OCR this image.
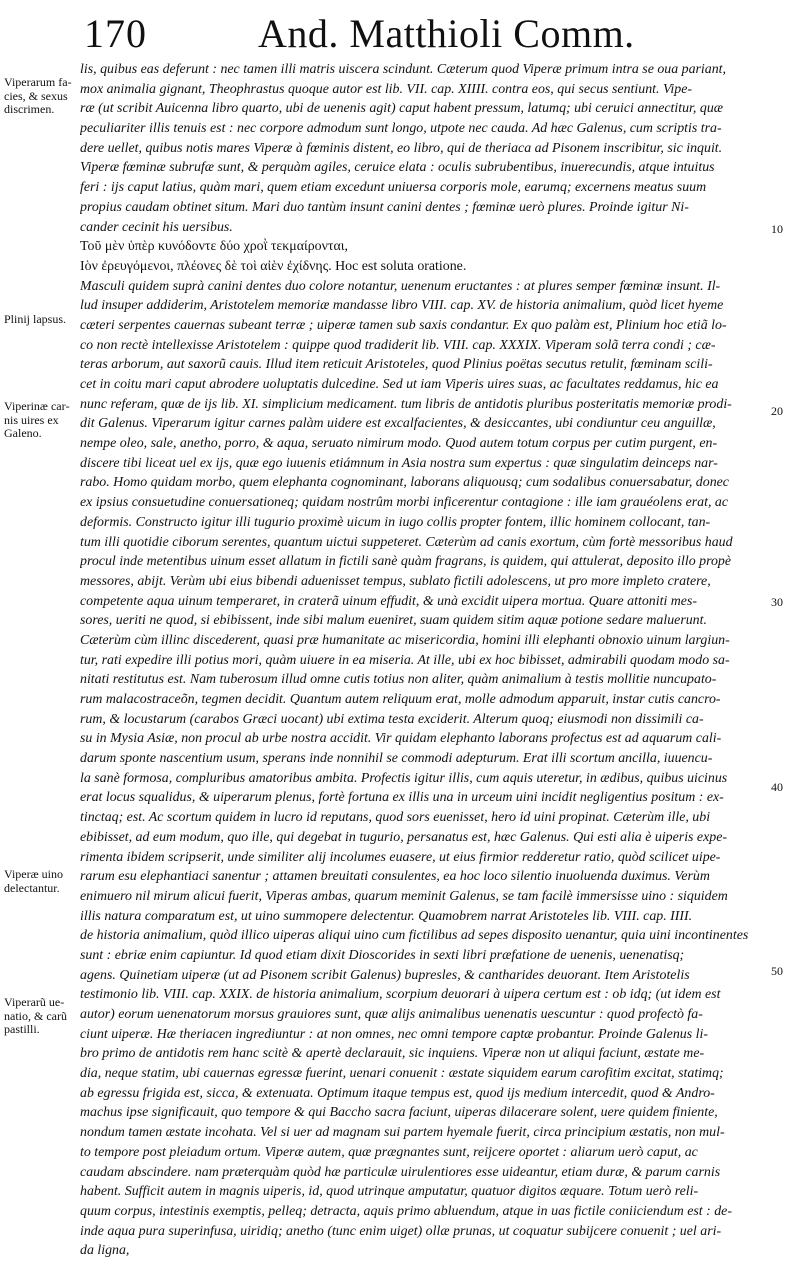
170	And. Matthioli Comm.
Viperarum facies, & sexus discrimen.
Plinij lapsus.
Viperinæ carnis uires ex Galeno.
Viperæ uino delectantur.
Viperarũ uenatio, & carũ pastilli.
10
20
30
40
50
lis, quibus eas deferunt : nec tamen illi matris uiscera scindunt. Cæterum quod Viperæ primum intra se oua pariant,
mox animalia gignant, Theophrastus quoque autor est lib. VII. cap. XIIII. contra eos, qui secus sentiunt. Vipe-
ræ (ut scribit Auicenna libro quarto, ubi de uenenis agit) caput habent pressum, latumq; ubi ceruici annectitur, quæ
peculiariter illis tenuis est : nec corpore admodum sunt longo, utpote nec cauda. Ad hæc Galenus, cum scriptis tra-
dere uellet, quibus notis mares Viperæ à fœminis distent, eo libro, qui de theriaca ad Pisonem inscribitur, sic inquit.
Viperæ fœminæ subrufæ sunt, & perquàm agiles, ceruice elata : oculis subrubentibus, inuerecundis, atque intuitus
feri : ijs caput latius, quàm mari, quem etiam excedunt uniuersa corporis mole, earumq; excernens meatus suum
propius caudam obtinet situm. Mari duo tantùm insunt canini dentes ; fœminæ uerò plures. Proinde igitur Ni-
cander cecinit his uersibus.
Τοῦ μὲν ὑπὲρ κυνόδοντε δύο χροῒ τεκμαίρονται,
Ιὸν ἐρευγόμενοι, πλέονες δὲ τοὶ αἰὲν ἐχίδνης. Hoc est soluta oratione.
Masculi quidem suprà canini dentes duo colore notantur, uenenum eructantes : at plures semper fœminæ insunt. Il-
lud insuper addiderim, Aristotelem memoriæ mandasse libro VIII. cap. XV. de historia animalium, quòd licet hyeme
cæteri serpentes cauernas subeant terræ ; uiperæ tamen sub saxis condantur. Ex quo palàm est, Plinium hoc etiã lo-
co non rectè intellexisse Aristotelem : quippe quod tradiderit lib. VIII. cap. XXXIX. Viperam solã terra condi ; cæ-
teras arborum, aut saxorũ cauis. Illud item reticuit Aristoteles, quod Plinius poëtas secutus retulit, fœminam scili-
cet in coitu mari caput abrodere uoluptatis dulcedine. Sed ut iam Viperis uires suas, ac facultates reddamus, hic ea
nunc referam, quæ de ijs lib. XI. simplicium medicament. tum libris de antidotis pluribus posteritatis memoriæ prodi-
dit Galenus. Viperarum igitur carnes palàm uidere est excalfacientes, & desiccantes, ubi condiuntur ceu anguillæ,
nempe oleo, sale, anetho, porro, & aqua, seruato nimirum modo. Quod autem totum corpus per cutim purgent, en-
discere tibi liceat uel ex ijs, quæ ego iuuenis etiámnum in Asia nostra sum expertus : quæ singulatim deinceps nar-
rabo. Homo quidam morbo, quem elephanta cognominant, laborans aliquousq; cum sodalibus conuersabatur, donec
ex ipsius consuetudine conuersationeq; quidam nostrûm morbi inficerentur contagione : ille iam grauéolens erat, ac
deformis. Constructo igitur illi tugurio proximè uicum in iugo collis propter fontem, illic hominem collocant, tan-
tum illi quotidie ciborum serentes, quantum uictui suppeteret. Cæterùm ad canis exortum, cùm fortè messoribus haud
procul inde metentibus uinum esset allatum in fictili sanè quàm fragrans, is quidem, qui attulerat, deposito illo propè
messores, abijt. Verùm ubi eius bibendi aduenisset tempus, sublato fictili adolescens, ut pro more impleto cratere,
competente aqua uinum temperaret, in craterã uinum effudit, & unà excidit uipera mortua. Quare attoniti mes-
sores, ueriti ne quod, si ebibissent, inde sibi malum eueniret, suam quidem sitim aquæ potione sedare maluerunt.
Cæterùm cùm illinc discederent, quasi præ humanitate ac misericordia, homini illi elephanti obnoxio uinum largiun-
tur, rati expedire illi potius mori, quàm uiuere in ea miseria. At ille, ubi ex hoc bibisset, admirabili quodam modo sa-
nitati restitutus est. Nam tuberosum illud omne cutis totius non aliter, quàm animalium à testis mollitie nuncupato-
rum malacostraceõn, tegmen decidit. Quantum autem reliquum erat, molle admodum apparuit, instar cutis cancro-
rum, & locustarum (carabos Græci uocant) ubi extima testa exciderit. Alterum quoq; eiusmodi non dissimili ca-
su in Mysia Asiæ, non procul ab urbe nostra accidit. Vir quidam elephanto laborans profectus est ad aquarum cali-
darum sponte nascentium usum, sperans inde nonnihil se commodi adepturum. Erat illi scortum ancilla, iuuencu-
la sanè formosa, compluribus amatoribus ambita. Profectis igitur illis, cum aquis uteretur, in ædibus, quibus uicinus
erat locus squalidus, & uiperarum plenus, fortè fortuna ex illis una in urceum uini incidit negligentius positum : ex-
tinctaq; est. Ac scortum quidem in lucro id reputans, quod sors euenisset, hero id uini propinat. Cæterùm ille, ubi
ebibisset, ad eum modum, quo ille, qui degebat in tugurio, persanatus est, hæc Galenus. Qui esti alia è uiperis expe-
rimenta ibidem scripserit, unde similiter alij incolumes euasere, ut eius firmior redderetur ratio, quòd scilicet uipe-
rarum esu elephantiaci sanentur ; attamen breuitati consulentes, ea hoc loco silentio inuoluenda duximus. Verùm
enimuero nil mirum alicui fuerit, Viperas ambas, quarum meminit Galenus, se tam facilè immersisse uino : siquidem
illis natura comparatum est, ut uino summopere delectentur. Quamobrem narrat Aristoteles lib. VIII. cap. IIII.
de historia animalium, quòd illico uiperas aliqui uino cum fictilibus ad sepes disposito uenantur, quia uini incontinentes
sunt : ebriæ enim capiuntur. Id quod etiam dixit Dioscorides in sexti libri præfatione de uenenis, uenenatisq;
agens. Quinetiam uiperæ (ut ad Pisonem scribit Galenus) bupresles, & cantharides deuorant. Item Aristotelis
testimonio lib. VIII. cap. XXIX. de historia animalium, scorpium deuorari à uipera certum est : ob idq; (ut idem est
autor) eorum uenenatorum morsus grauiores sunt, quæ alijs animalibus uenenatis uescuntur : quod profectò fa-
ciunt uiperæ. Hæ theriacen ingrediuntur : at non omnes, nec omni tempore captæ probantur. Proinde Galenus li-
bro primo de antidotis rem hanc scitè & apertè declarauit, sic inquiens. Viperæ non ut aliqui faciunt, æstate me-
dia, neque statim, ubi cauernas egressæ fuerint, uenari conuenit : æstate siquidem earum carofitim excitat, statimq;
ab egressu frigida est, sicca, & extenuata. Optimum itaque tempus est, quod ijs medium intercedit, quod & Andro-
machus ipse significauit, quo tempore & qui Baccho sacra faciunt, uiperas dilacerare solent, uere quidem finiente,
nondum tamen æstate incohata. Vel si uer ad magnam sui partem hyemale fuerit, circa principium æstatis, non mul-
to tempore post pleiadum ortum. Viperæ autem, quæ prægnantes sunt, reijcere oportet : aliarum uerò caput, ac
caudam abscindere. nam præterquàm quòd hæ particulæ uirulentiores esse uideantur, etiam duræ, & parum carnis
habent. Sufficit autem in magnis uiperis, id, quod utrinque amputatur, quatuor digitos æquare. Totum uerò reli-
quum corpus, intestinis exemptis, pelleq; detracta, aquis primo abluendum, atque in uas fictile coniiciendum est : de-
inde aqua pura superinfusa, uiridiq; anetho (tunc enim uiget) ollæ prunas, ut coquatur subijcere conuenit ; uel ari-
da ligna,
